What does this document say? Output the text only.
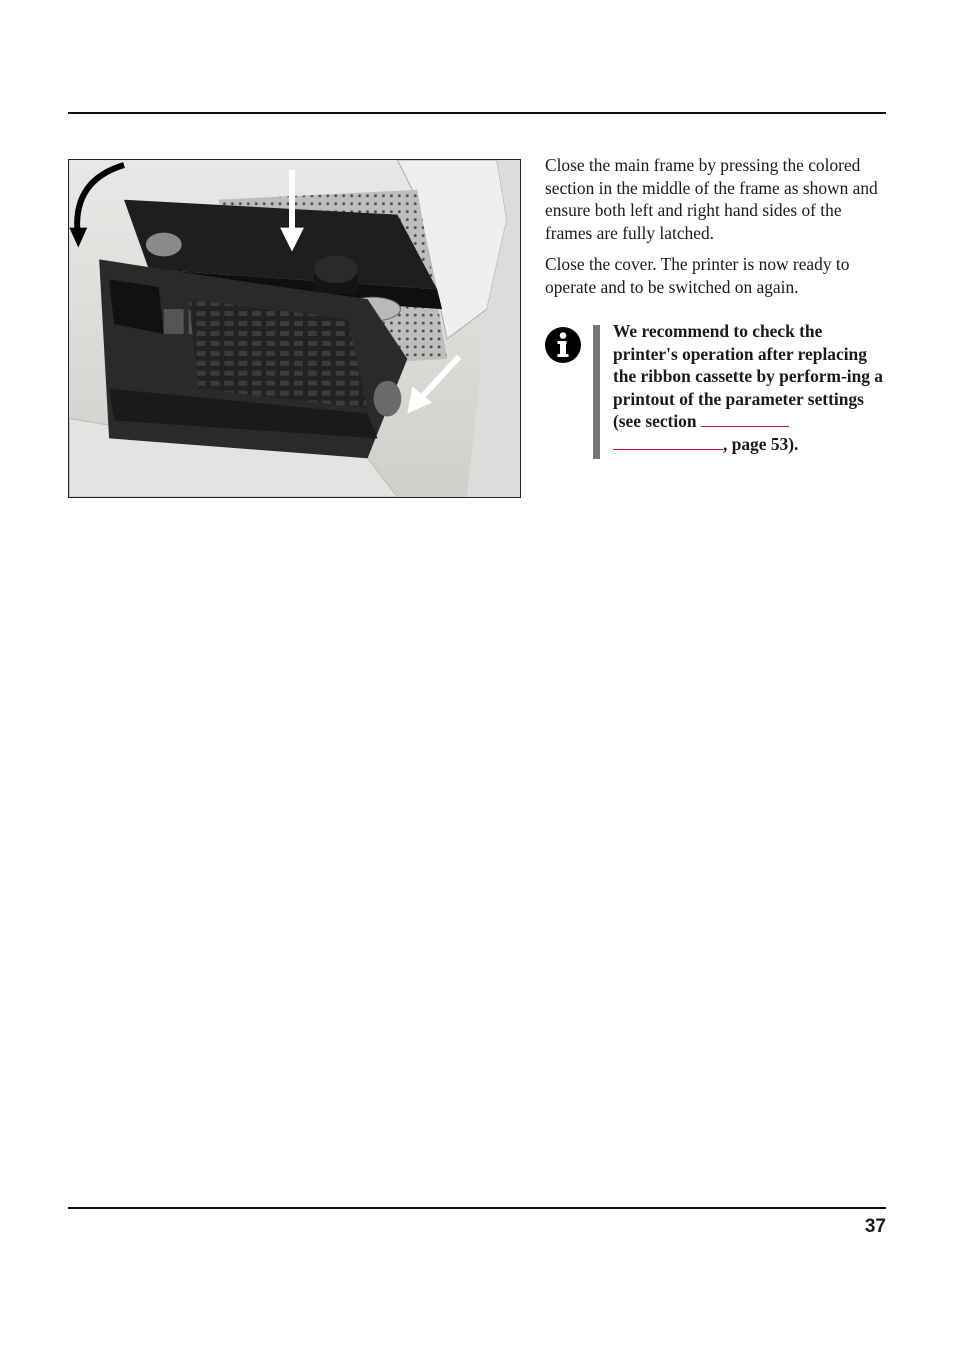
Close the main frame by pressing the colored section in the middle of the frame as shown and ensure both left and right hand sides of the frames are fully latched.

Close the cover. The printer is now ready to operate and to be switched on again.

We recommend to check the printer's operation after replacing the ribbon cassette by perform-ing a printout of the parameter settings (see section
, page 53).
37
